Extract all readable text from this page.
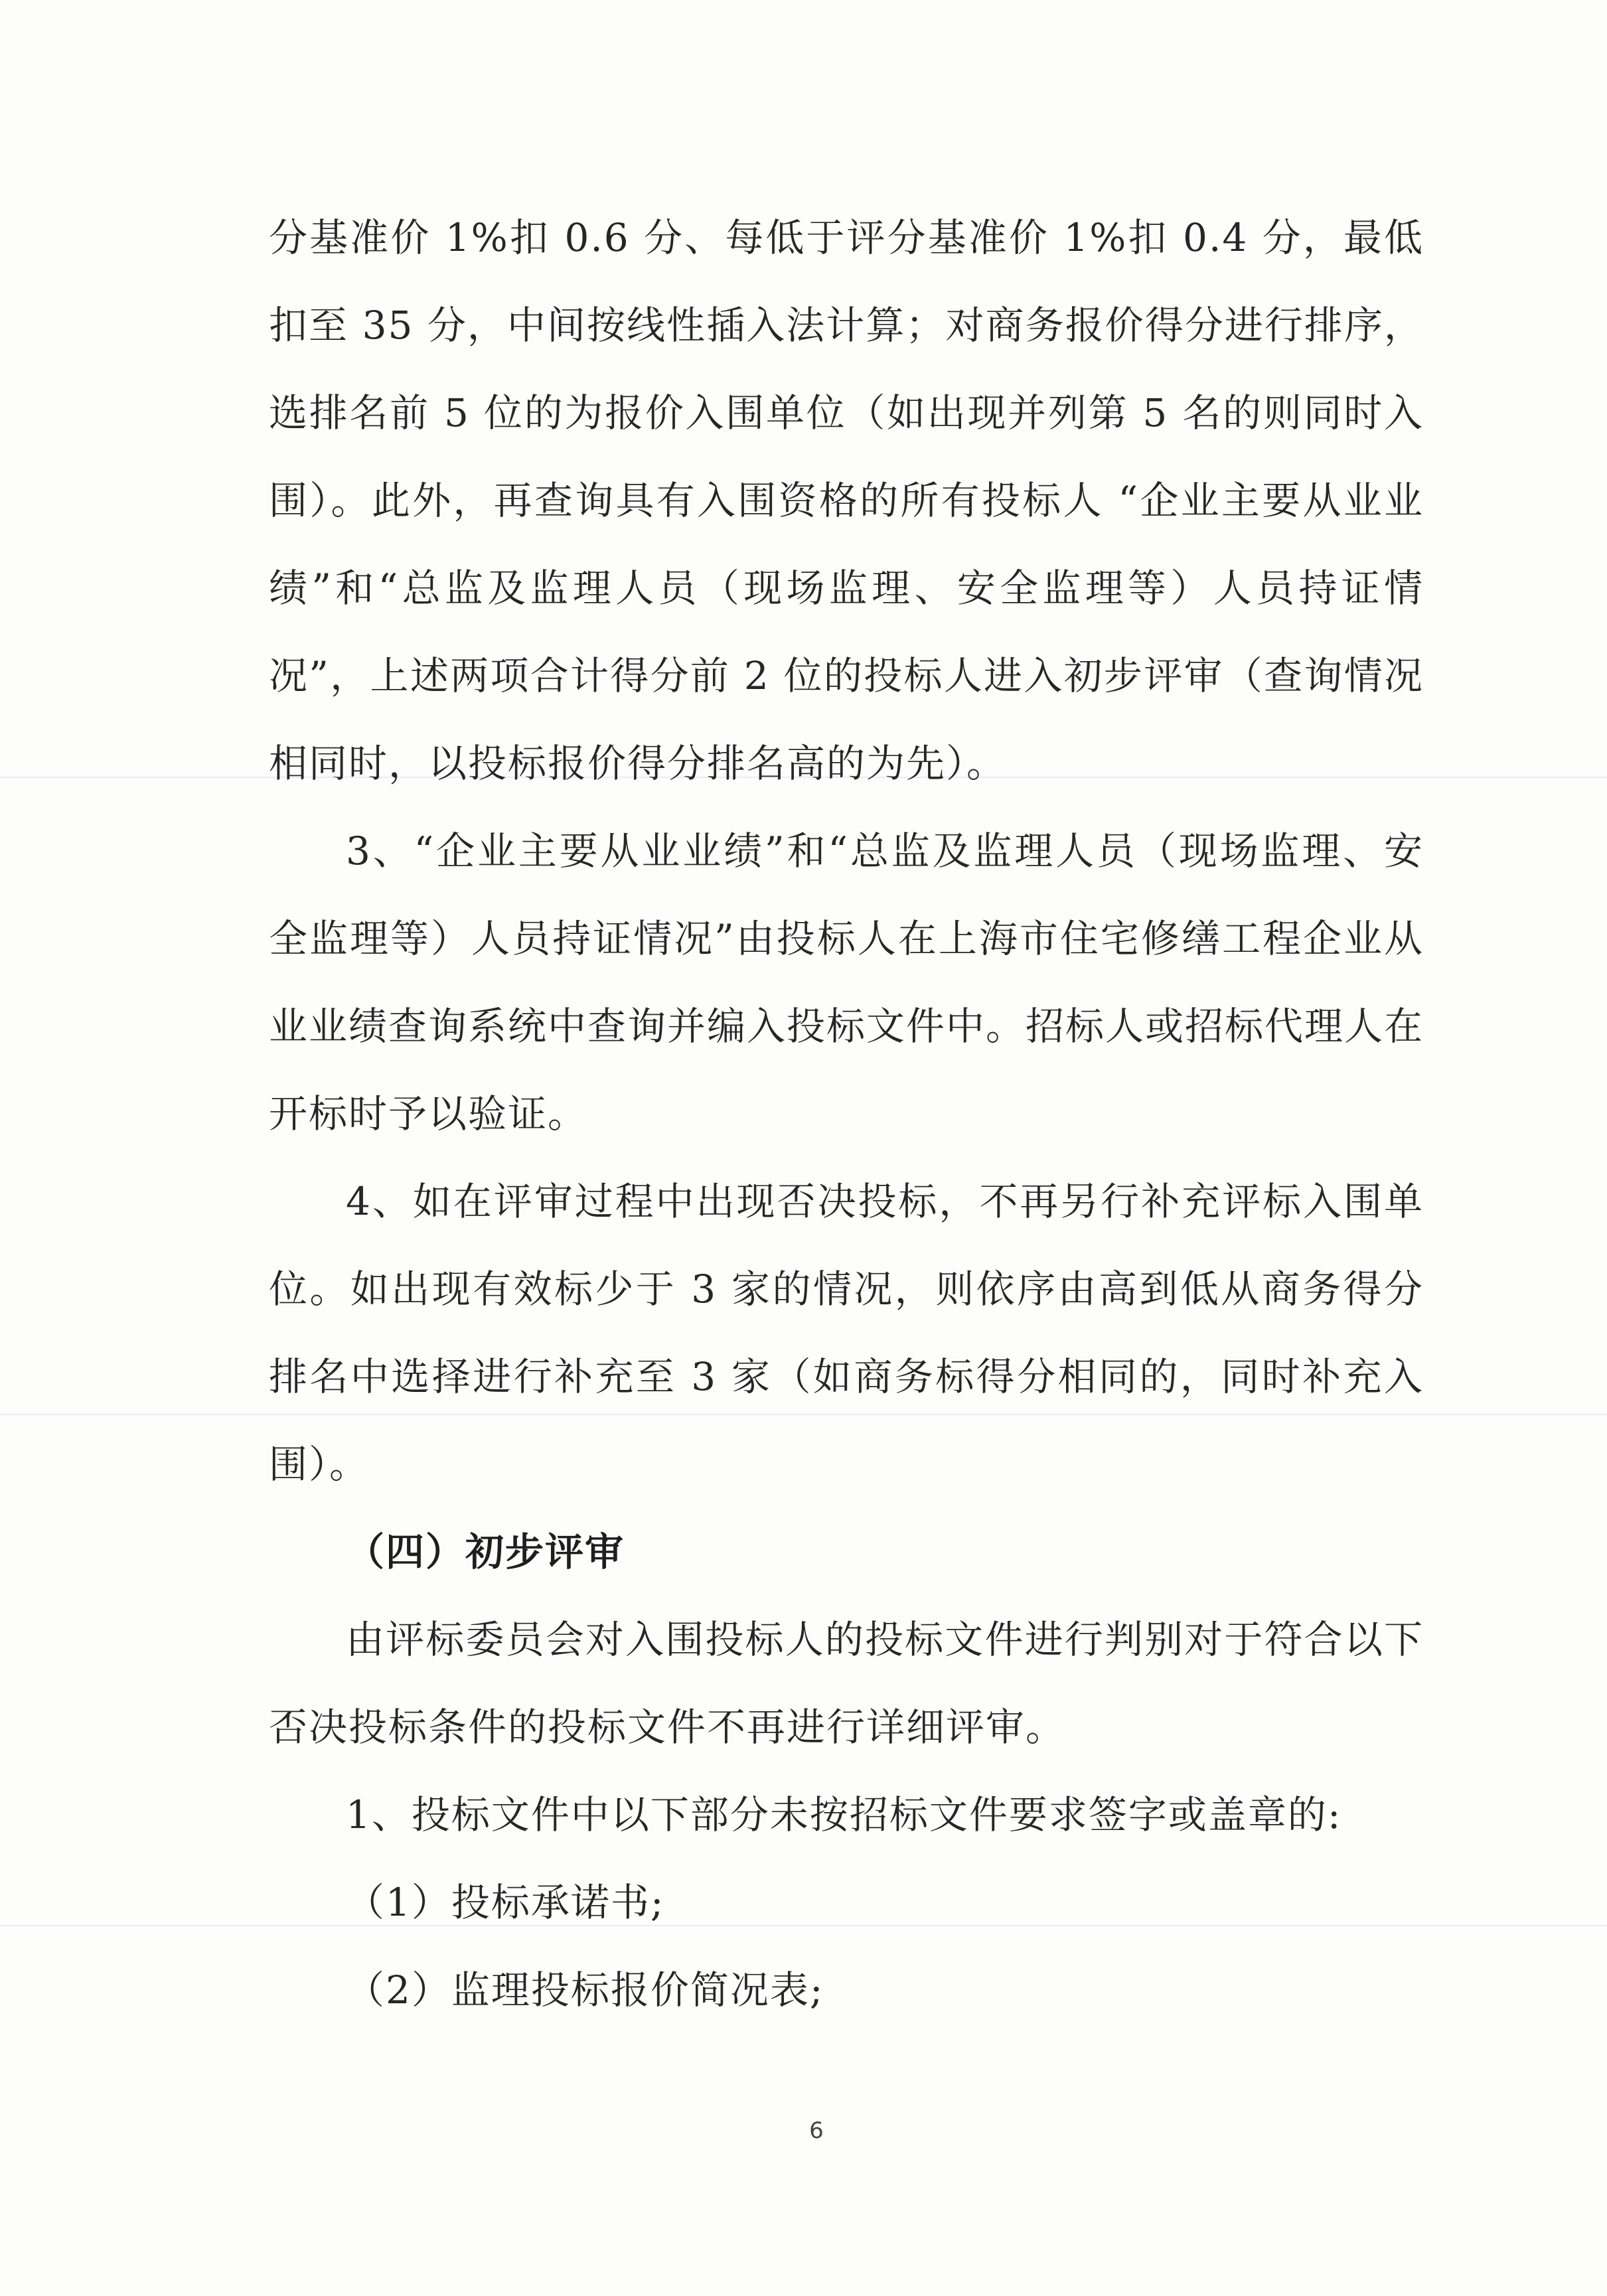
分基准价 1%扣 0.6 分、每低于评分基准价 1%扣 0.4 分，最低扣至 35 分，中间按线性插入法计算；对商务报价得分进行排序，选排名前 5 位的为报价入围单位（如出现并列第 5 名的则同时入围）。此外，再查询具有入围资格的所有投标人 “企业主要从业业绩”和“总监及监理人员（现场监理、安全监理等）人员持证情况”，上述两项合计得分前 2 位的投标人进入初步评审（查询情况相同时，以投标报价得分排名高的为先）。

3、“企业主要从业业绩”和“总监及监理人员（现场监理、安全监理等）人员持证情况”由投标人在上海市住宅修缮工程企业从业业绩查询系统中查询并编入投标文件中。招标人或招标代理人在开标时予以验证。

4、如在评审过程中出现否决投标，不再另行补充评标入围单位。如出现有效标少于 3 家的情况，则依序由高到低从商务得分排名中选择进行补充至 3 家（如商务标得分相同的，同时补充入围）。

（四）初步评审

由评标委员会对入围投标人的投标文件进行判别对于符合以下否决投标条件的投标文件不再进行详细评审。

1、投标文件中以下部分未按招标文件要求签字或盖章的:

（1）投标承诺书;

（2）监理投标报价简况表;

6
